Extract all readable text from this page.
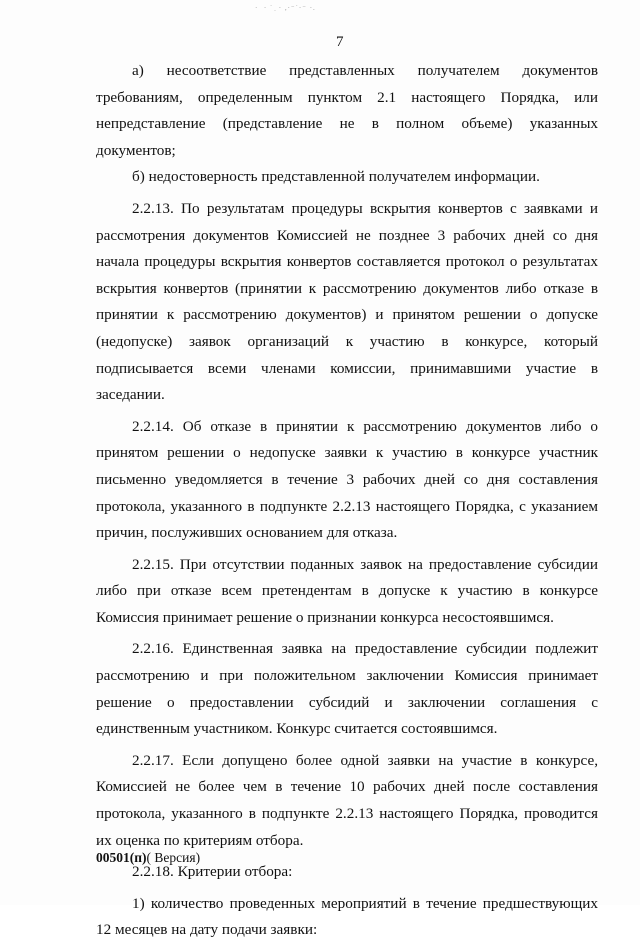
·  · ˙ ̣ · ,·⁻˙·⁻ ·.
7

а) несоответствие представленных получателем документов требованиям, определенным пунктом 2.1 настоящего Порядка, или непредставление (представление не в полном объеме) указанных документов;

б) недостоверность представленной получателем информации.

2.2.13. По результатам процедуры вскрытия конвертов с заявками и рассмотрения документов Комиссией не позднее 3 рабочих дней со дня начала процедуры вскрытия конвертов составляется протокол о результатах вскрытия конвертов (принятии к рассмотрению документов либо отказе в принятии к рассмотрению документов) и принятом решении о допуске (недопуске) заявок организаций к участию в конкурсе, который подписывается всеми членами комиссии, принимавшими участие в заседании.

2.2.14. Об отказе в принятии к рассмотрению документов либо о принятом решении о недопуске заявки к участию в конкурсе участник письменно уведомляется в течение 3 рабочих дней со дня составления протокола, указанного в подпункте 2.2.13 настоящего Порядка, с указанием причин, послуживших основанием для отказа.

2.2.15. При отсутствии поданных заявок на предоставление субсидии либо при отказе всем претендентам в допуске к участию в конкурсе Комиссия принимает решение о признании конкурса несостоявшимся.

2.2.16. Единственная заявка на предоставление субсидии подлежит рассмотрению и при положительном заключении Комиссия принимает решение о предоставлении субсидий и заключении соглашения с единственным участником. Конкурс считается состоявшимся.

2.2.17. Если допущено более одной заявки на участие в конкурсе, Комиссией не более чем в течение 10 рабочих дней после составления протокола, указанного в подпункте 2.2.13 настоящего Порядка, проводится их оценка по критериям отбора.

2.2.18. Критерии отбора:

1) количество проведенных мероприятий в течение предшествующих 12 месяцев на дату подачи заявки:

00501(п)( Версия)
